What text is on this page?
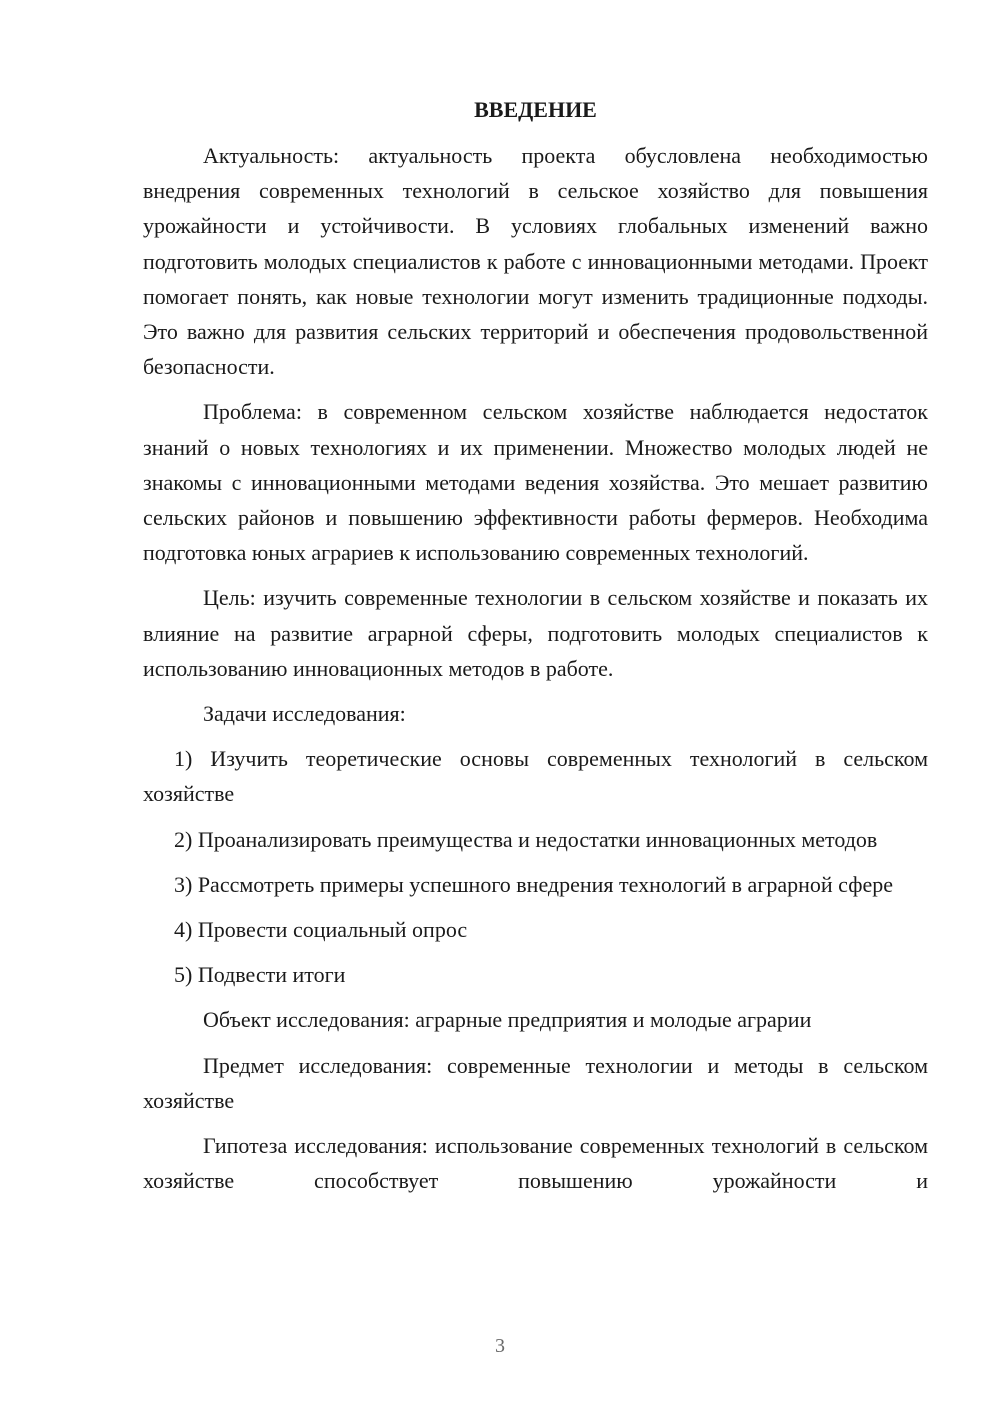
ВВЕДЕНИЕ

Актуальность: актуальность проекта обусловлена необходимостью внедрения современных технологий в сельское хозяйство для повышения урожайности и устойчивости. В условиях глобальных изменений важно подготовить молодых специалистов к работе с инновационными методами. Проект помогает понять, как новые технологии могут изменить традиционные подходы. Это важно для развития сельских территорий и обеспечения продовольственной безопасности.

Проблема: в современном сельском хозяйстве наблюдается недостаток знаний о новых технологиях и их применении. Множество молодых людей не знакомы с инновационными методами ведения хозяйства. Это мешает развитию сельских районов и повышению эффективности работы фермеров. Необходима подготовка юных аграриев к использованию современных технологий.

Цель: изучить современные технологии в сельском хозяйстве и показать их влияние на развитие аграрной сферы, подготовить молодых специалистов к использованию инновационных методов в работе.

Задачи исследования:

1) Изучить теоретические основы современных технологий в сельском хозяйстве

2) Проанализировать преимущества и недостатки инновационных методов

3) Рассмотреть примеры успешного внедрения технологий в аграрной сфере

4) Провести социальный опрос

5) Подвести итоги

Объект исследования: аграрные предприятия и молодые аграрии

Предмет исследования: современные технологии и методы в сельском хозяйстве

Гипотеза исследования: использование современных технологий в сельском хозяйстве способствует повышению урожайности и

3
